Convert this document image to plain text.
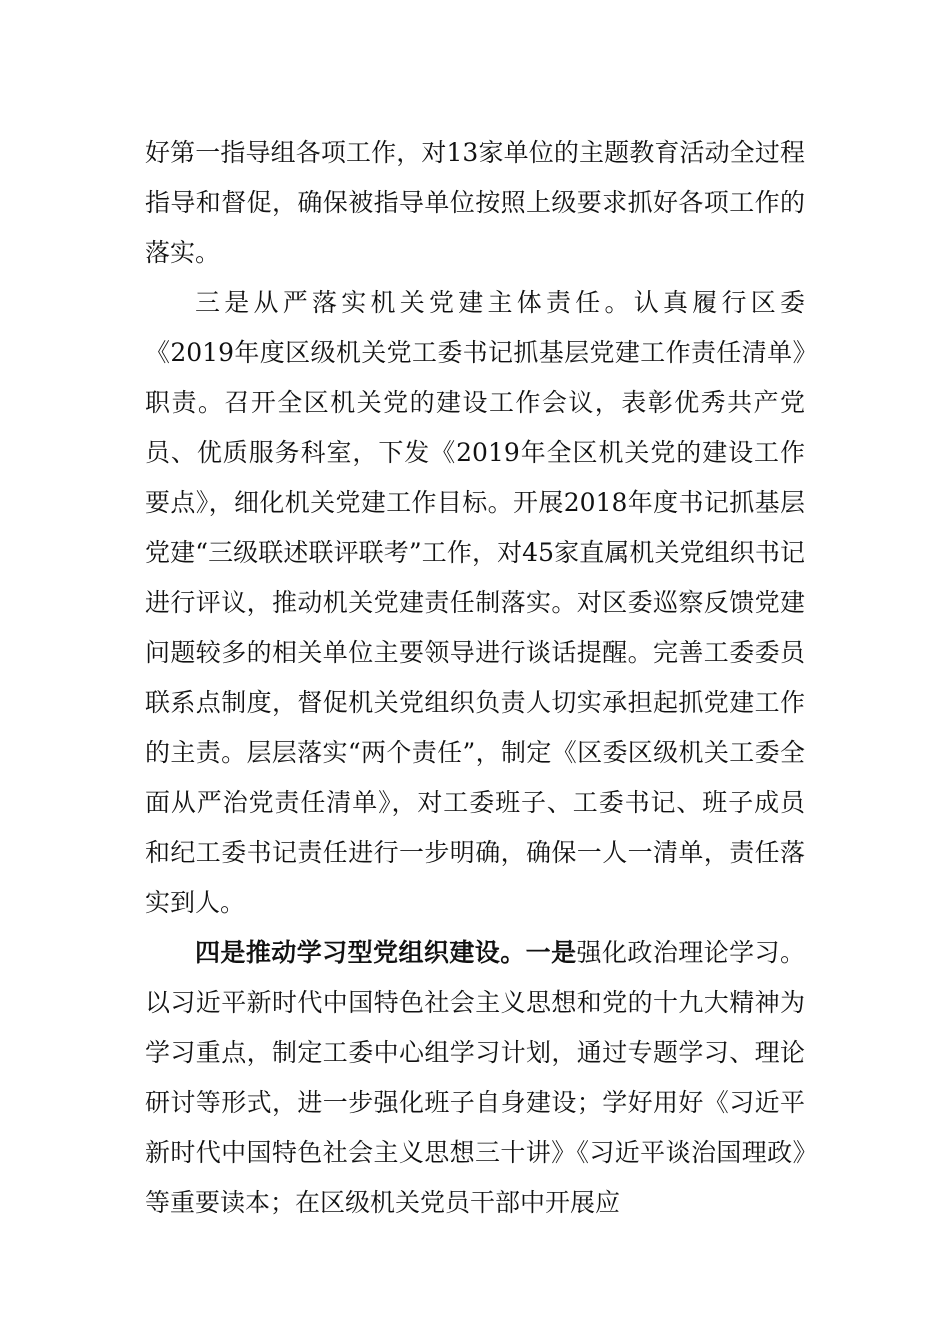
好第一指导组各项工作，对13家单位的主题教育活动全过程指导和督促，确保被指导单位按照上级要求抓好各项工作的落实。

三是从严落实机关党建主体责任。认真履行区委《2019年度区级机关党工委书记抓基层党建工作责任清单》职责。召开全区机关党的建设工作会议，表彰优秀共产党员、优质服务科室，下发《2019年全区机关党的建设工作要点》，细化机关党建工作目标。开展2018年度书记抓基层党建“三级联述联评联考”工作，对45家直属机关党组织书记进行评议，推动机关党建责任制落实。对区委巡察反馈党建问题较多的相关单位主要领导进行谈话提醒。完善工委委员联系点制度，督促机关党组织负责人切实承担起抓党建工作的主责。层层落实“两个责任”，制定《区委区级机关工委全面从严治党责任清单》，对工委班子、工委书记、班子成员和纪工委书记责任进行一步明确，确保一人一清单，责任落实到人。

四是推动学习型党组织建设。一是强化政治理论学习。以习近平新时代中国特色社会主义思想和党的十九大精神为学习重点，制定工委中心组学习计划，通过专题学习、理论研讨等形式，进一步强化班子自身建设；学好用好《习近平新时代中国特色社会主义思想三十讲》《习近平谈治国理政》等重要读本；在区级机关党员干部中开展应
